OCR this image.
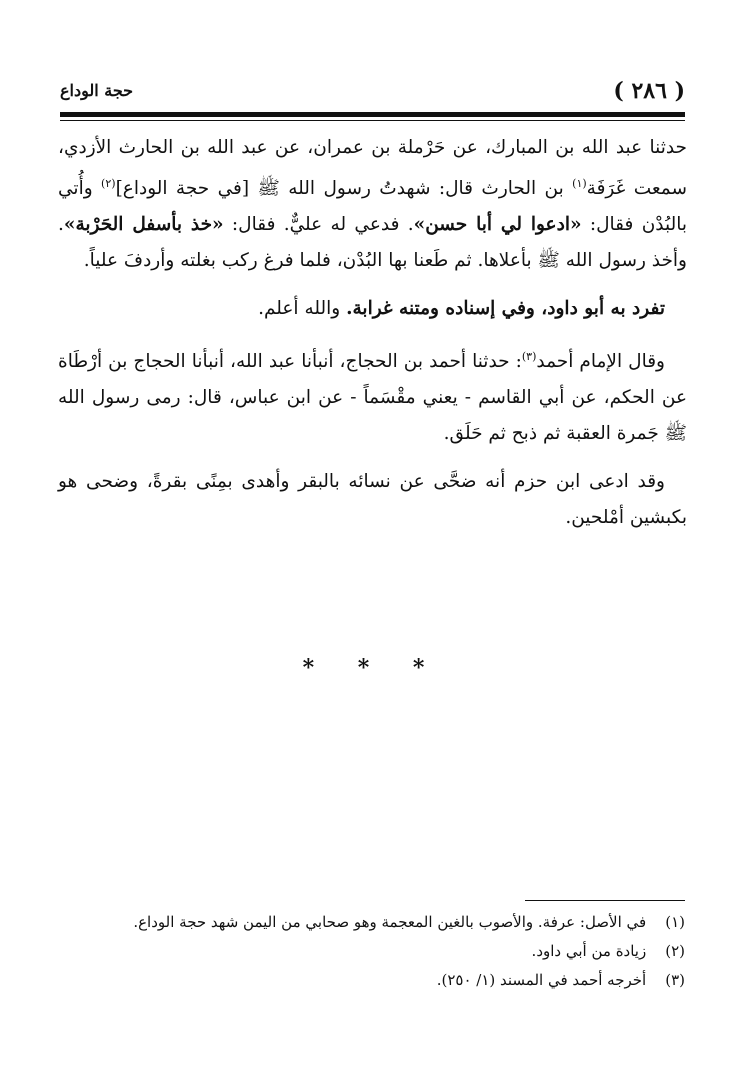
( ٢٨٦ )
حجة الوداع

حدثنا عبد الله بن المبارك، عن حَرْملة بن عمران، عن عبد الله بن الحارث الأزدي، سمعت غَرَفَة$^{(١)}$ بن الحارث قال: شهدتُ رسول الله ﷺ [في حجة الوداع]$^{(٢)}$ وأُتي بالبُدْن فقال: «ادعوا لي أبا حسن». فدعي له عليٌّ. فقال: «خذ بأسفل الحَرْبة». وأخذ رسول الله ﷺ بأعلاها. ثم طَعنا بها البُدْن، فلما فرغ ركب بغلته وأردفَ علياً.

تفرد به أبو داود، وفي إسناده ومتنه غرابة. والله أعلم.

وقال الإمام أحمد$^{(٣)}$: حدثنا أحمد بن الحجاج، أنبأنا عبد الله، أنبأنا الحجاج بن أرْطَاة عن الحكم، عن أبي القاسم - يعني مقْسَماً - عن ابن عباس، قال: رمى رسول الله ﷺ جَمرة العقبة ثم ذبح ثم حَلَق.

وقد ادعى ابن حزم أنه ضحَّى عن نسائه بالبقر وأهدى بمِنًى بقرةً، وضحى هو بكبشين أمْلحين.

* * *

(١) في الأصل: عرفة. والأصوب بالغين المعجمة وهو صحابي من اليمن شهد حجة الوداع.

(٢) زيادة من أبي داود.

(٣) أخرجه أحمد في المسند (١/ ٢٥٠).
